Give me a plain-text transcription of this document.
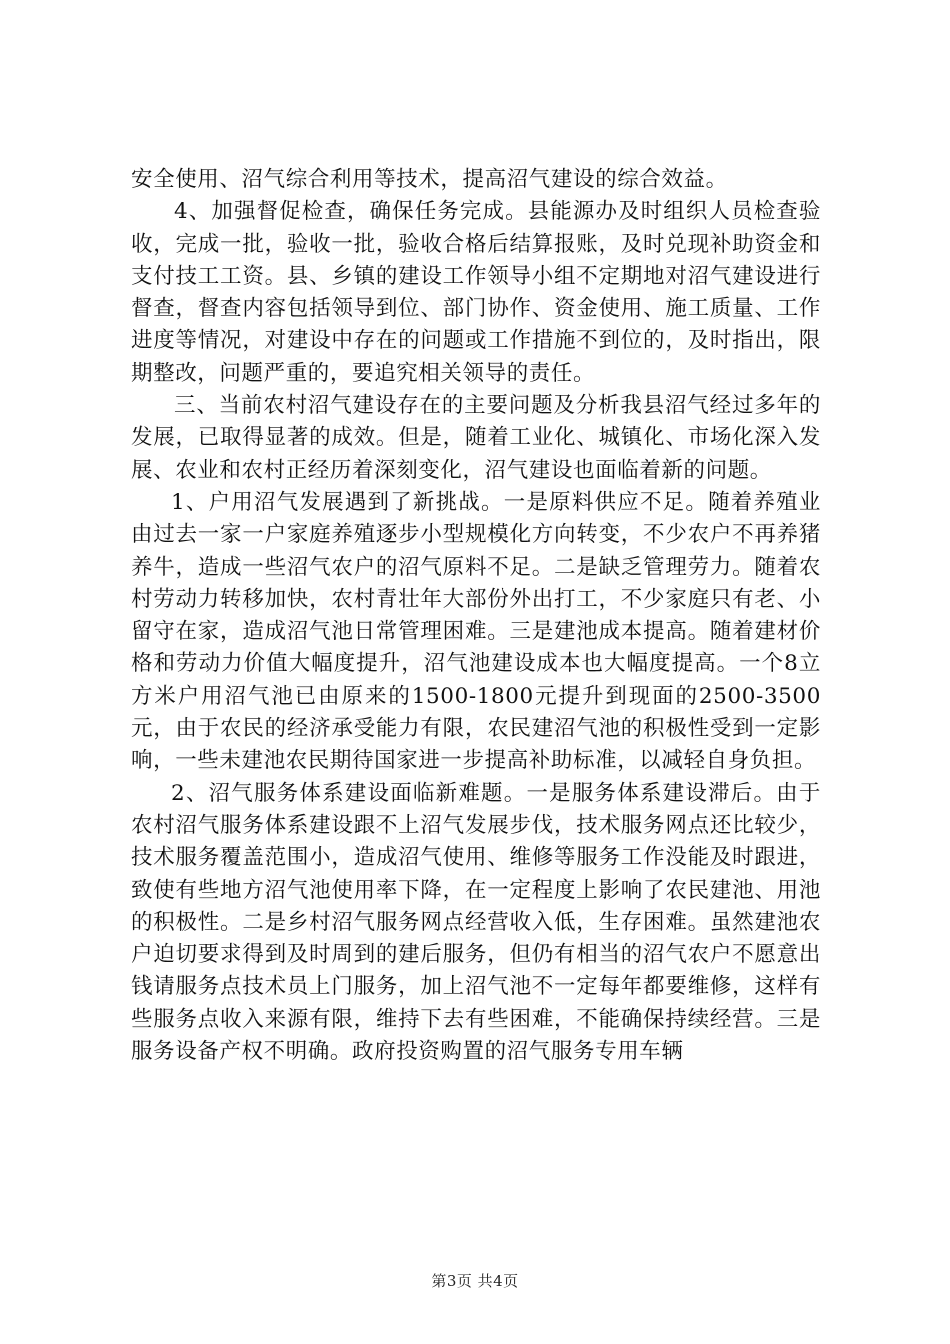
安全使用、沼气综合利用等技术，提高沼气建设的综合效益。

4、加强督促检查，确保任务完成。县能源办及时组织人员检查验收，完成一批，验收一批，验收合格后结算报账，及时兑现补助资金和支付技工工资。县、乡镇的建设工作领导小组不定期地对沼气建设进行督查，督查内容包括领导到位、部门协作、资金使用、施工质量、工作进度等情况，对建设中存在的问题或工作措施不到位的，及时指出，限期整改，问题严重的，要追究相关领导的责任。

三、当前农村沼气建设存在的主要问题及分析我县沼气经过多年的发展，已取得显著的成效。但是，随着工业化、城镇化、市场化深入发展、农业和农村正经历着深刻变化，沼气建设也面临着新的问题。

1、户用沼气发展遇到了新挑战。一是原料供应不足。随着养殖业由过去一家一户家庭养殖逐步小型规模化方向转变，不少农户不再养猪养牛，造成一些沼气农户的沼气原料不足。二是缺乏管理劳力。随着农村劳动力转移加快，农村青壮年大部份外出打工，不少家庭只有老、小留守在家，造成沼气池日常管理困难。三是建池成本提高。随着建材价格和劳动力价值大幅度提升，沼气池建设成本也大幅度提高。一个8立方米户用沼气池已由原来的1500-1800元提升到现面的2500-3500元，由于农民的经济承受能力有限，农民建沼气池的积极性受到一定影响，一些未建池农民期待国家进一步提高补助标准，以减轻自身负担。

2、沼气服务体系建设面临新难题。一是服务体系建设滞后。由于农村沼气服务体系建设跟不上沼气发展步伐，技术服务网点还比较少，技术服务覆盖范围小，造成沼气使用、维修等服务工作没能及时跟进，致使有些地方沼气池使用率下降，在一定程度上影响了农民建池、用池的积极性。二是乡村沼气服务网点经营收入低，生存困难。虽然建池农户迫切要求得到及时周到的建后服务，但仍有相当的沼气农户不愿意出钱请服务点技术员上门服务，加上沼气池不一定每年都要维修，这样有些服务点收入来源有限，维持下去有些困难，不能确保持续经营。三是服务设备产权不明确。政府投资购置的沼气服务专用车辆

第3页 共4页
